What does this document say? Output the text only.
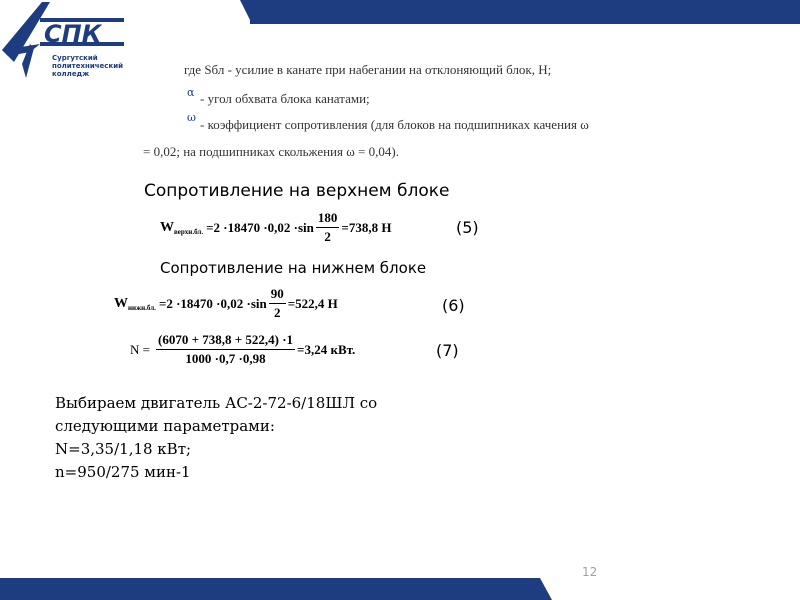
СПК
Сургутский
политехнический
колледж	где Sбл - усилие в канате при набегании на отклоняющий блок, Н;
α - угол обхвата блока канатами;
ω - коэффициент сопротивления (для блоков на подшипниках качения ω
= 0,02; на подшипниках скольжения ω = 0,04).
Сопротивление на верхнем блоке
W верхн.бл. $=2 \cdot 18470 \cdot 0,02 \cdot\sin \frac{180}{2} =738,8$ Н	(5)
Сопротивление на нижнем блоке
W нижн.бл. $=2 \cdot 18470 \cdot 0,02 \cdot\sin \frac{90}{2} =522,4$ Н	(6)
$N = \frac{(6070 + 738,8 + 522,4) \cdot 1}{1000 \cdot 0,7 \cdot 0,98} =3,24$ кВт.	(7)
Выбираем двигатель АС-2-72-6/18ШЛ со
следующими параметрами:
N=3,35/1,18 кВт;
n=950/275 мин-1
12
